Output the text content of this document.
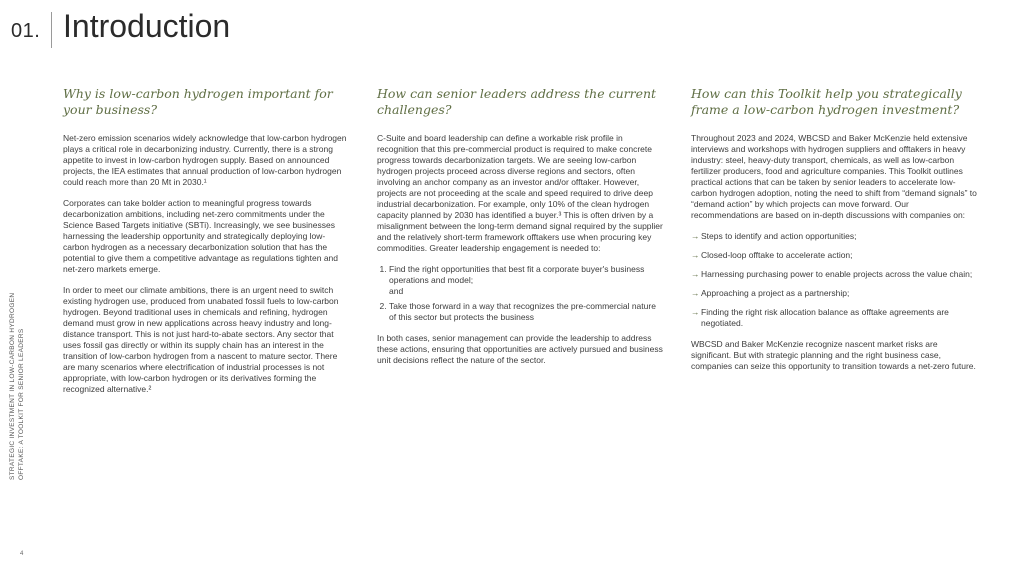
01. Introduction
STRATEGIC INVESTMENT IN LOW-CARBON HYDROGEN OFFTAKE: A TOOLKIT FOR SENIOR LEADERS
4
Why is low-carbon hydrogen important for your business?

Net-zero emission scenarios widely acknowledge that low-carbon hydrogen plays a critical role in decarbonizing industry. Currently, there is a strong appetite to invest in low-carbon hydrogen supply. Based on announced projects, the IEA estimates that annual production of low-carbon hydrogen could reach more than 20 Mt in 2030.¹

Corporates can take bolder action to meaningful progress towards decarbonization ambitions, including net-zero commitments under the Science Based Targets initiative (SBTi). Increasingly, we see businesses harnessing the leadership opportunity and strategically deploying low-carbon hydrogen as a necessary decarbonization solution that has the potential to give them a competitive advantage as regulations tighten and net-zero markets emerge.

In order to meet our climate ambitions, there is an urgent need to switch existing hydrogen use, produced from unabated fossil fuels to low-carbon hydrogen. Beyond traditional uses in chemicals and refining, hydrogen demand must grow in new applications across heavy industry and long-distance transport. This is not just hard-to-abate sectors. Any sector that uses fossil gas directly or within its supply chain has an interest in the transition of low-carbon hydrogen from a nascent to mature sector. There are many scenarios where electrification of industrial processes is not appropriate, with low-carbon hydrogen or its derivatives forming the recognized alternative.²

How can senior leaders address the current challenges?

C-Suite and board leadership can define a workable risk profile in recognition that this pre-commercial product is required to make concrete progress towards decarbonization targets. We are seeing low-carbon hydrogen projects proceed across diverse regions and sectors, often involving an anchor company as an investor and/or offtaker. However, projects are not proceeding at the scale and speed required to drive deep industrial decarbonization. For example, only 10% of the clean hydrogen capacity planned by 2030 has identified a buyer.³ This is often driven by a misalignment between the long-term demand signal required by the supplier and the relatively short-term framework offtakers use when procuring key commodities. Greater leadership engagement is needed to:

1. Find the right opportunities that best fit a corporate buyer's business operations and model;
and
2. Take those forward in a way that recognizes the pre-commercial nature of this sector but protects the business

In both cases, senior management can provide the leadership to address these actions, ensuring that opportunities are actively pursued and business unit decisions reflect the nature of the sector.

How can this Toolkit help you strategically frame a low-carbon hydrogen investment?

Throughout 2023 and 2024, WBCSD and Baker McKenzie held extensive interviews and workshops with hydrogen suppliers and offtakers in heavy industry: steel, heavy-duty transport, chemicals, as well as low-carbon fertilizer producers, food and agriculture companies. This Toolkit outlines practical actions that can be taken by senior leaders to accelerate low-carbon hydrogen adoption, noting the need to shift from “demand signals” to “demand action” by which projects can move forward. Our recommendations are based on in-depth discussions with companies on:

→ Steps to identify and action opportunities;
→ Closed-loop offtake to accelerate action;
→ Harnessing purchasing power to enable projects across the value chain;
→ Approaching a project as a partnership;
→ Finding the right risk allocation balance as offtake agreements are negotiated.

WBCSD and Baker McKenzie recognize nascent market risks are significant. But with strategic planning and the right business case, companies can seize this opportunity to transition towards a net-zero future.
